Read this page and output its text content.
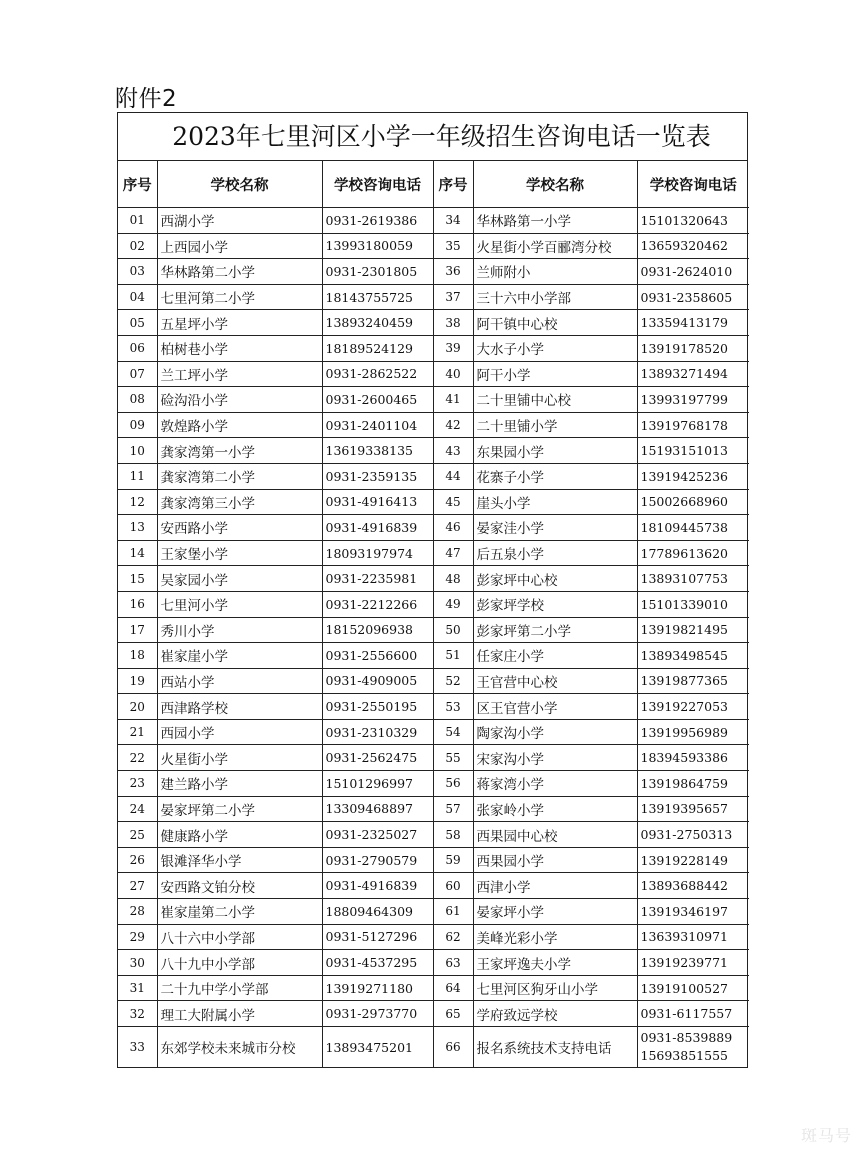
附件2
2023年七里河区小学一年级招生咨询电话一览表
序号	学校名称	学校咨询电话	序号	学校名称	学校咨询电话
01	西湖小学	0931-2619386	34	华林路第一小学	15101320643
02	上西园小学	13993180059	35	火星街小学百郦湾分校	13659320462
03	华林路第二小学	0931-2301805	36	兰师附小	0931-2624010
04	七里河第二小学	18143755725	37	三十六中小学部	0931-2358605
05	五星坪小学	13893240459	38	阿干镇中心校	13359413179
06	柏树巷小学	18189524129	39	大水子小学	13919178520
07	兰工坪小学	0931-2862522	40	阿干小学	13893271494
08	硷沟沿小学	0931-2600465	41	二十里铺中心校	13993197799
09	敦煌路小学	0931-2401104	42	二十里铺小学	13919768178
10	龚家湾第一小学	13619338135	43	东果园小学	15193151013
11	龚家湾第二小学	0931-2359135	44	花寨子小学	13919425236
12	龚家湾第三小学	0931-4916413	45	崖头小学	15002668960
13	安西路小学	0931-4916839	46	晏家洼小学	18109445738
14	王家堡小学	18093197974	47	后五泉小学	17789613620
15	吴家园小学	0931-2235981	48	彭家坪中心校	13893107753
16	七里河小学	0931-2212266	49	彭家坪学校	15101339010
17	秀川小学	18152096938	50	彭家坪第二小学	13919821495
18	崔家崖小学	0931-2556600	51	任家庄小学	13893498545
19	西站小学	0931-4909005	52	王官营中心校	13919877365
20	西津路学校	0931-2550195	53	区王官营小学	13919227053
21	西园小学	0931-2310329	54	陶家沟小学	13919956989
22	火星街小学	0931-2562475	55	宋家沟小学	18394593386
23	建兰路小学	15101296997	56	蒋家湾小学	13919864759
24	晏家坪第二小学	13309468897	57	张家岭小学	13919395657
25	健康路小学	0931-2325027	58	西果园中心校	0931-2750313
26	银滩泽华小学	0931-2790579	59	西果园小学	13919228149
27	安西路文铂分校	0931-4916839	60	西津小学	13893688442
28	崔家崖第二小学	18809464309	61	晏家坪小学	13919346197
29	八十六中小学部	0931-5127296	62	美峰光彩小学	13639310971
30	八十九中小学部	0931-4537295	63	王家坪逸夫小学	13919239771
31	二十九中学小学部	13919271180	64	七里河区狗牙山小学	13919100527
32	理工大附属小学	0931-2973770	65	学府致远学校	0931-6117557
33	东郊学校未来城市分校	13893475201	66	报名系统技术支持电话	0931-8539889
15693851555
斑马号
